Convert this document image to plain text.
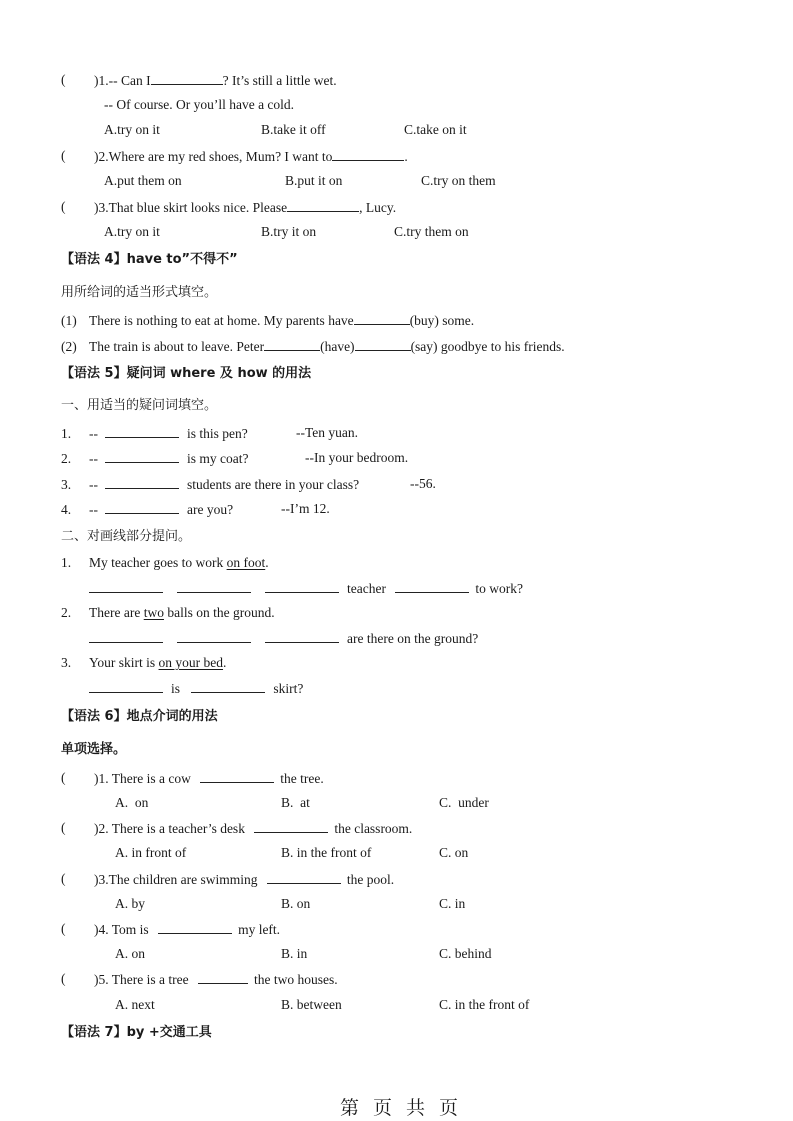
( )1.-- Can I	? It’s still a little wet.
-- Of course. Or you’ll have a cold.
A.try on it	B.take it off	C.take on it
( )2.Where are my red shoes, Mum? I want to	.
A.put them on	B.put it on	C.try on them
( )3.That blue skirt looks nice. Please	, Lucy.
A.try on it	B.try it on	C.try them on
【语法 4】have to”不得不”
用所给词的适当形式填空。
(1) There is nothing to eat at home. My parents have	(buy) some.
(2) The train is about to leave. Peter	(have)	(say) goodbye to his friends.
【语法 5】疑问词 where 及 how 的用法
一、用适当的疑问词填空。
1. --	is this pen?	--Ten yuan.
2. --	is my coat?	--In your bedroom.
3. --	students are there in your class?	--56.
4. --	are you?	--I’m 12.
二、对画线部分提问。
1. My teacher goes to work on foot.
teacher	to work?
2. There are two balls on the ground.
are there on the ground?
3. Your skirt is on your bed.
is	skirt?
【语法 6】地点介词的用法
单项选择。
( )1. There is a cow	the tree.
A.  on	B.  at	C.  under
( )2. There is a teacher’s desk	the classroom.
A. in front of	B. in the front of	C. on
( )3.The children are swimming	the pool.
A. by	B. on	C. in
( )4. Tom is	my left.
A. on	B. in	C. behind
( )5. There is a tree	the two houses.
A. next	B. between	C. in the front of
【语法 7】by +交通工具
第 页 共 页
